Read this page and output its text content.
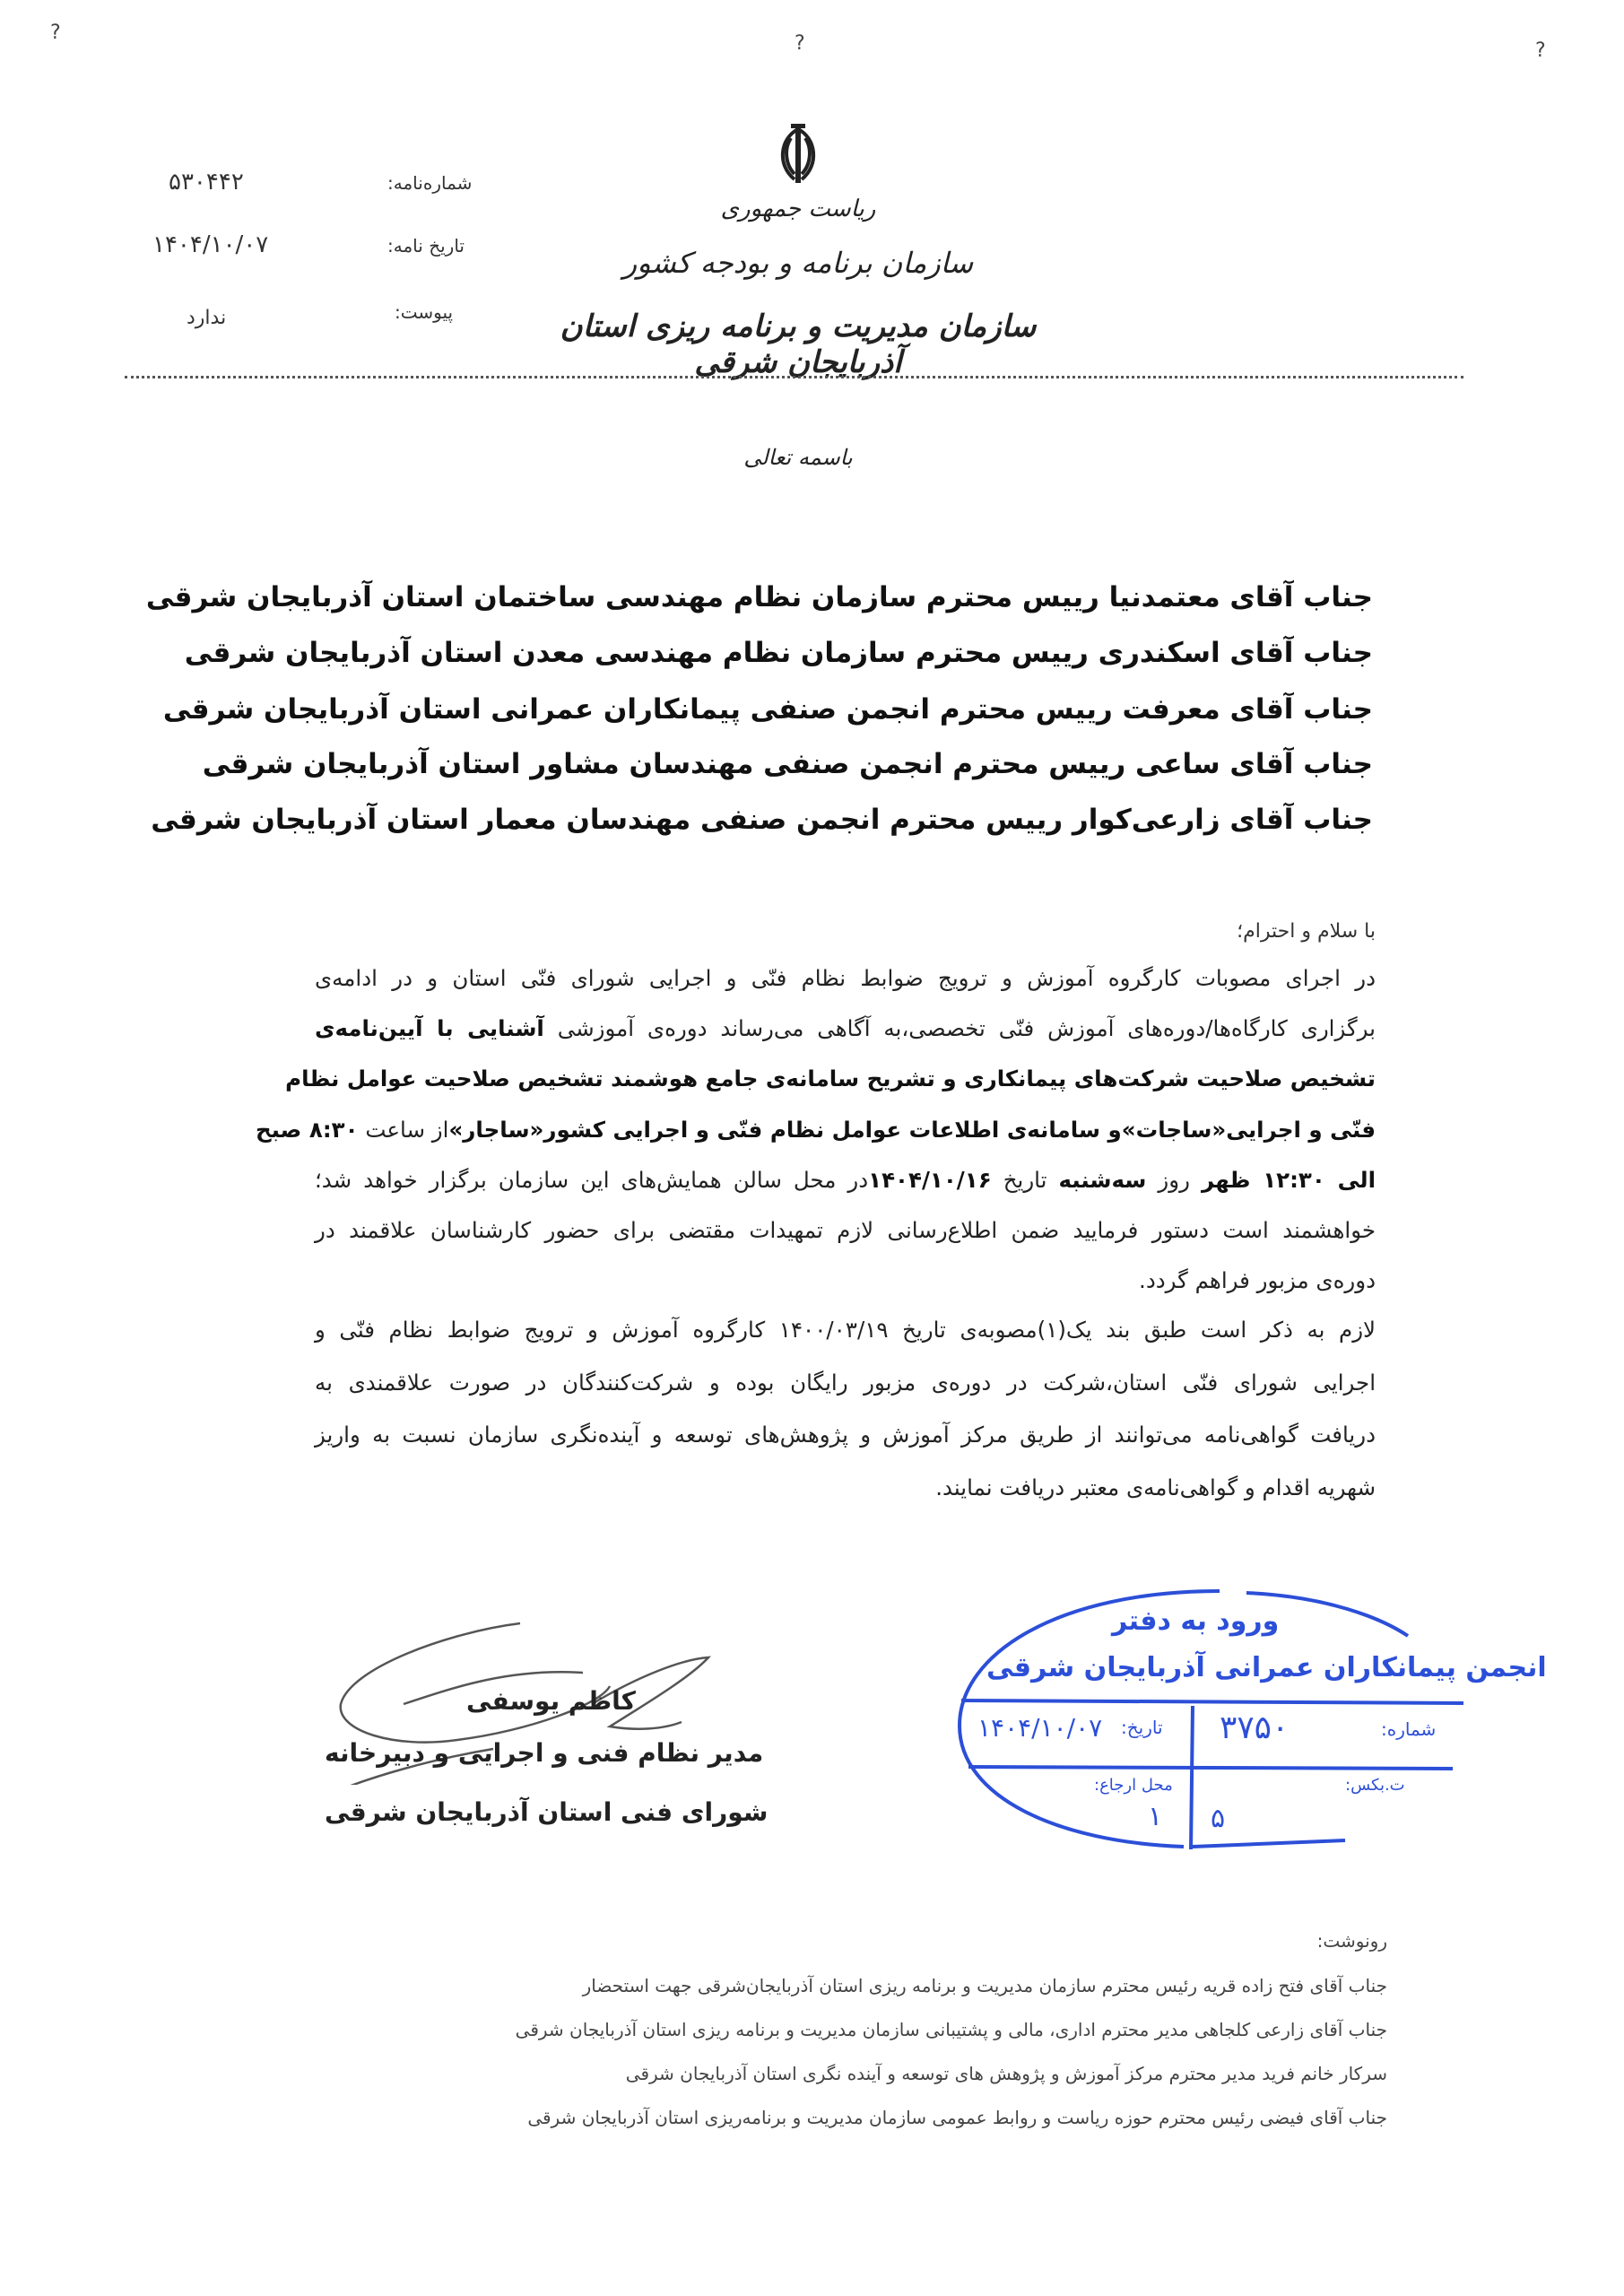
?	?	?
ریاست جمهوری
سازمان برنامه و بودجه کشور
سازمان مدیریت و برنامه ریزی استان آذربایجان شرقی
شماره‌نامه:
۵۳۰۴۴۲
تاریخ نامه:
۱۴۰۴/۱۰/۰۷
پیوست:
ندارد
باسمه تعالی
جناب آقای معتمدنیا رییس محترم سازمان نظام مهندسی ساختمان استان آذربایجان شرقی
جناب آقای اسکندری رییس محترم سازمان نظام مهندسی معدن استان آذربایجان شرقی
جناب آقای معرفت رییس محترم انجمن صنفی پیمانکاران عمرانی استان آذربایجان شرقی
جناب آقای ساعی رییس محترم انجمن صنفی مهندسان مشاور استان آذربایجان شرقی
جناب آقای زارعی‌کوار رییس محترم انجمن صنفی مهندسان معمار استان آذربایجان شرقی
با سلام و احترام؛
در اجرای مصوبات کارگروه آموزش و ترویج ضوابط نظام فنّی و اجرایی شورای فنّی استان و در ادامه‌ی
برگزاری کارگاه‌ها/دوره‌های آموزش فنّی تخصصی،به آگاهی می‌رساند دوره‌ی آموزشی آشنایی با آیین‌نامه‌ی
تشخیص صلاحیت شرکت‌های پیمانکاری و تشریح سامانه‌ی جامع هوشمند تشخیص صلاحیت عوامل نظام
فنّی و اجرایی«ساجات»و سامانه‌ی اطلاعات عوامل نظام فنّی و اجرایی کشور«ساجار»از ساعت ۸:۳۰ صبح
الی ۱۲:۳۰ ظهر روز سه‌شنبه تاریخ ۱۴۰۴/۱۰/۱۶در محل سالن همایش‌های این سازمان برگزار خواهد شد؛
خواهشمند است دستور فرمایید ضمن اطلاع‌رسانی لازم تمهیدات مقتضی برای حضور کارشناسان علاقمند در
دوره‌ی مزبور فراهم گردد.
لازم به ذکر است طبق بند یک(۱)مصوبه‌ی تاریخ ۱۴۰۰/۰۳/۱۹ کارگروه آموزش و ترویج ضوابط نظام فنّی و
اجرایی شورای فنّی استان،شرکت در دوره‌ی مزبور رایگان بوده و شرکت‌کنندگان در صورت علاقمندی به
دریافت گواهی‌نامه می‌توانند از طریق مرکز آموزش و پژوهش‌های توسعه و آینده‌نگری سازمان نسبت به واریز
شهریه اقدام و گواهی‌نامه‌ی معتبر دریافت نمایند.
ورود به دفتر
انجمن پیمانکاران عمرانی آذربایجان شرقی
شماره:
۳۷۵۰
تاریخ:
۱۴۰۴/۱۰/۰۷
ت.بکس:
۵
محل ارجاع:
۱
کاظم یوسفی
مدیر نظام فنی و اجرایی و دبیرخانه
شورای فنی استان آذربایجان شرقی
رونوشت:
جناب آقای فتح زاده قریه رئیس محترم سازمان مدیریت و برنامه ریزی استان آذربایجان‌شرقی جهت استحضار
جناب آقای زارعی کلجاهی مدیر محترم اداری، مالی و پشتیبانی سازمان مدیریت و برنامه ریزی استان آذربایجان شرقی
سرکار خانم فرید مدیر محترم مرکز آموزش و پژوهش های توسعه و آینده نگری استان آذربایجان شرقی
جناب آقای فیضی رئیس محترم حوزه ریاست و روابط عمومی سازمان مدیریت و برنامه‌ریزی استان آذربایجان شرقی
